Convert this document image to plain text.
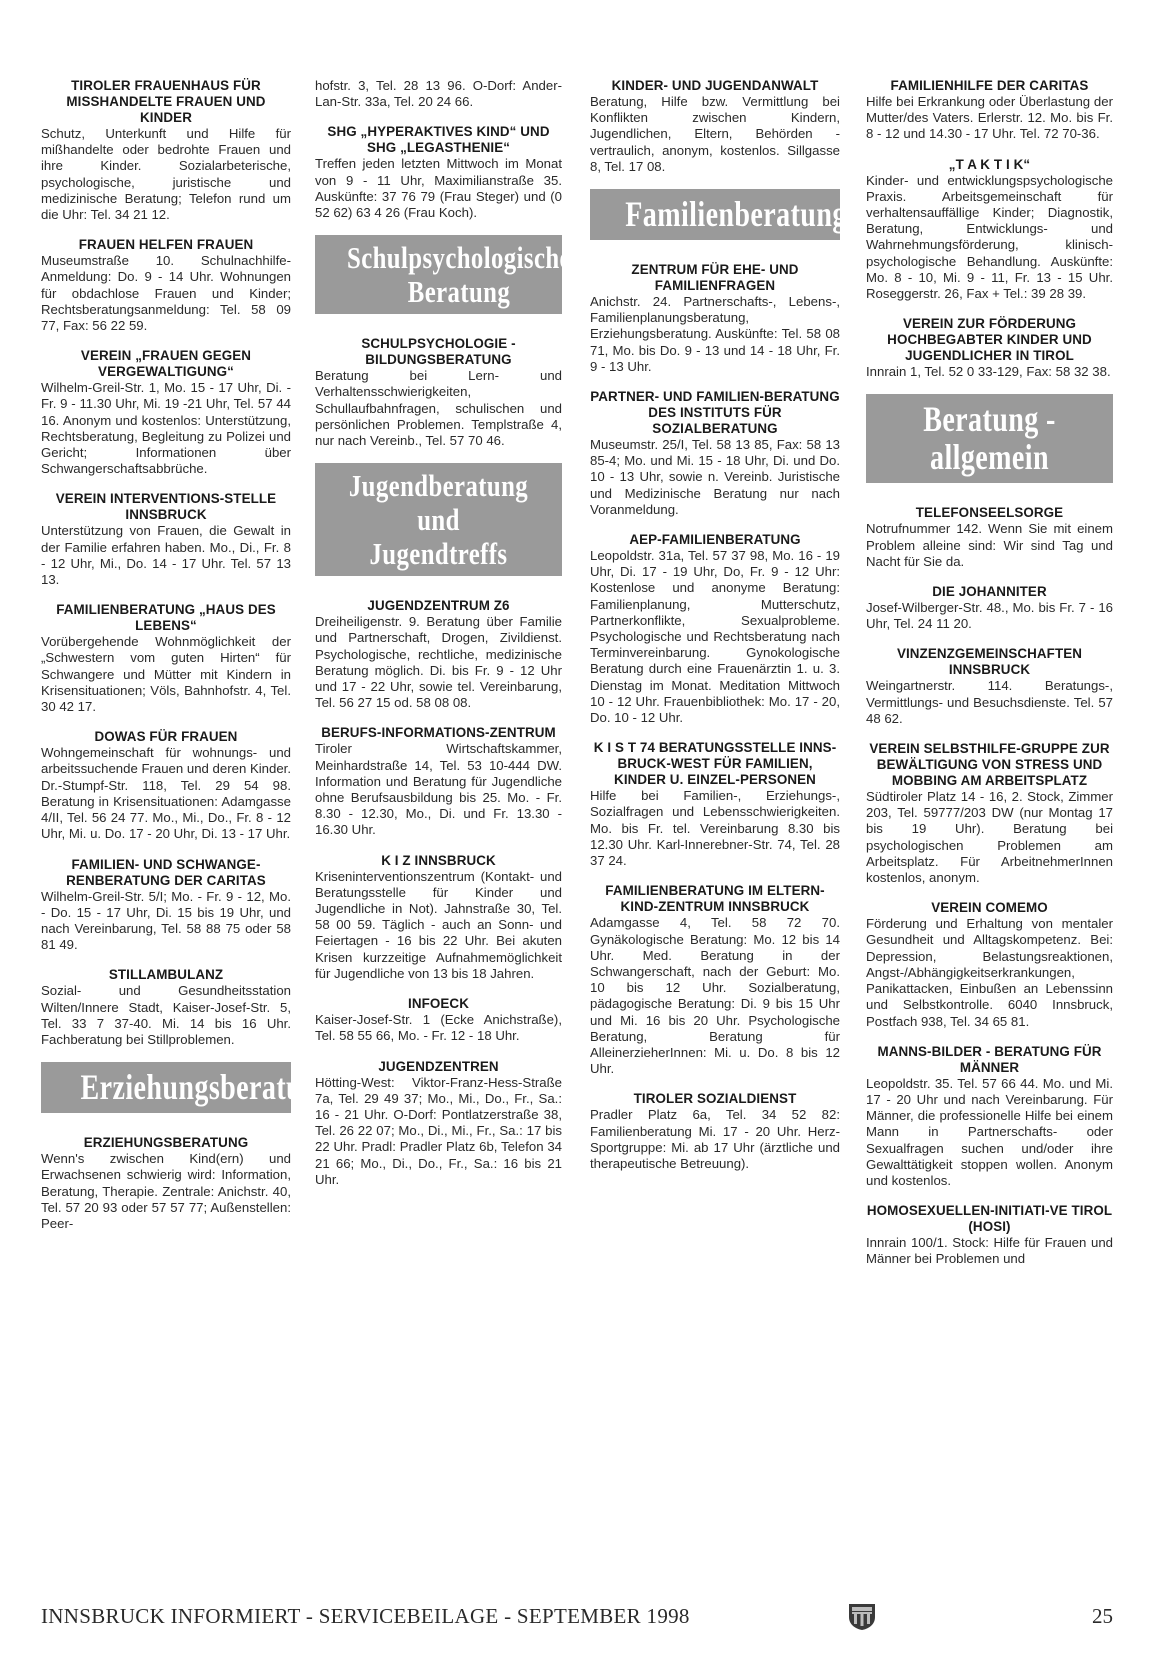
TIROLER FRAUENHAUS FÜR MISSHANDELTE FRAUEN UND KINDER
Schutz, Unterkunft und Hilfe für mißhandelte oder bedrohte Frauen und ihre Kinder. Sozialarbeterische, psychologische, juristische und medizinische Beratung; Telefon rund um die Uhr: Tel. 34 21 12.
FRAUEN HELFEN FRAUEN
Museumstraße 10. Schulnachhilfe-Anmeldung: Do. 9 - 14 Uhr. Wohnungen für obdachlose Frauen und Kinder; Rechtsberatungsanmeldung: Tel. 58 09 77, Fax: 56 22 59.
VEREIN „FRAUEN GEGEN VERGEWALTIGUNG“
Wilhelm-Greil-Str. 1, Mo. 15 - 17 Uhr, Di. - Fr. 9 - 11.30 Uhr, Mi. 19 -21 Uhr, Tel. 57 44 16. Anonym und kostenlos: Unterstützung, Rechtsberatung, Begleitung zu Polizei und Gericht; Informationen über Schwangerschaftsabbrüche.
VEREIN INTERVENTIONS-STELLE INNSBRUCK
Unterstützung von Frauen, die Gewalt in der Familie erfahren haben. Mo., Di., Fr. 8 - 12 Uhr, Mi., Do. 14 - 17 Uhr. Tel. 57 13 13.
FAMILIENBERATUNG „HAUS DES LEBENS“
Vorübergehende Wohnmöglichkeit der „Schwestern vom guten Hirten“ für Schwangere und Mütter mit Kindern in Krisensituationen; Völs, Bahnhofstr. 4, Tel. 30 42 17.
DOWAS FÜR FRAUEN
Wohngemeinschaft für wohnungs- und arbeitssuchende Frauen und deren Kinder. Dr.-Stumpf-Str. 118, Tel. 29 54 98. Beratung in Krisensituationen: Adamgasse 4/II, Tel. 56 24 77. Mo., Mi., Do., Fr. 8 - 12 Uhr, Mi. u. Do. 17 - 20 Uhr, Di. 13 - 17 Uhr.
FAMILIEN- UND SCHWANGE-RENBERATUNG DER CARITAS
Wilhelm-Greil-Str. 5/I; Mo. - Fr. 9 - 12, Mo. - Do. 15 - 17 Uhr, Di. 15 bis 19 Uhr, und nach Vereinbarung, Tel. 58 88 75 oder 58 81 49.
STILLAMBULANZ
Sozial- und Gesundheitsstation Wilten/Innere Stadt, Kaiser-Josef-Str. 5, Tel. 33 7 37-40. Mi. 14 bis 16 Uhr. Fachberatung bei Stillproblemen.
Erziehungsberatung
ERZIEHUNGSBERATUNG
Wenn's zwischen Kind(ern) und Erwachsenen schwierig wird: Information, Beratung, Therapie. Zentrale: Anichstr. 40, Tel. 57 20 93 oder 57 57 77; Außenstellen: Peer-
hofstr. 3, Tel. 28 13 96. O-Dorf: Ander-Lan-Str. 33a, Tel. 20 24 66.
SHG „HYPERAKTIVES KIND“ UND SHG „LEGASTHENIE“
Treffen jeden letzten Mittwoch im Monat von 9 - 11 Uhr, Maximilianstraße 35. Auskünfte: 37 76 79 (Frau Steger) und (0 52 62) 63 4 26 (Frau Koch).
Schulpsychologische
Beratung
SCHULPSYCHOLOGIE - BILDUNGSBERATUNG
Beratung bei Lern- und Verhaltensschwierigkeiten, Schullaufbahnfragen, schulischen und persönlichen Problemen. Templstraße 4, nur nach Vereinb., Tel. 57 70 46.
Jugendberatung und
Jugendtreffs
JUGENDZENTRUM Z6
Dreiheiligenstr. 9. Beratung über Familie und Partnerschaft, Drogen, Zivildienst. Psychologische, rechtliche, medizinische Beratung möglich. Di. bis Fr. 9 - 12 Uhr und 17 - 22 Uhr, sowie tel. Vereinbarung, Tel. 56 27 15 od. 58 08 08.
BERUFS-INFORMATIONS-ZENTRUM
Tiroler Wirtschaftskammer, Meinhardstraße 14, Tel. 53 10-444 DW. Information und Beratung für Jugendliche ohne Berufsausbildung bis 25. Mo. - Fr. 8.30 - 12.30, Mo., Di. und Fr. 13.30 - 16.30 Uhr.
K I Z INNSBRUCK
Kriseninterventionszentrum (Kontakt- und Beratungsstelle für Kinder und Jugendliche in Not). Jahnstraße 30, Tel. 58 00 59. Täglich - auch an Sonn- und Feiertagen - 16 bis 22 Uhr. Bei akuten Krisen kurzzeitige Aufnahmemöglichkeit für Jugendliche von 13 bis 18 Jahren.
INFOECK
Kaiser-Josef-Str. 1 (Ecke Anichstraße), Tel. 58 55 66, Mo. - Fr. 12 - 18 Uhr.
JUGENDZENTREN
Hötting-West: Viktor-Franz-Hess-Straße 7a, Tel. 29 49 37; Mo., Mi., Do., Fr., Sa.: 16 - 21 Uhr. O-Dorf: Pontlatzerstraße 38, Tel. 26 22 07; Mo., Di., Mi., Fr., Sa.: 17 bis 22 Uhr. Pradl: Pradler Platz 6b, Telefon 34 21 66; Mo., Di., Do., Fr., Sa.: 16 bis 21 Uhr.
KINDER- UND JUGENDANWALT
Beratung, Hilfe bzw. Vermittlung bei Konflikten zwischen Kindern, Jugendlichen, Eltern, Behörden - vertraulich, anonym, kostenlos. Sillgasse 8, Tel. 17 08.
Familienberatung
ZENTRUM FÜR EHE- UND FAMILIENFRAGEN
Anichstr. 24. Partnerschafts-, Lebens-, Familienplanungsberatung, Erziehungsberatung. Auskünfte: Tel. 58 08 71, Mo. bis Do. 9 - 13 und 14 - 18 Uhr, Fr. 9 - 13 Uhr.
PARTNER- UND FAMILIEN-BERATUNG DES INSTITUTS FÜR SOZIALBERATUNG
Museumstr. 25/I, Tel. 58 13 85, Fax: 58 13 85-4; Mo. und Mi. 15 - 18 Uhr, Di. und Do. 10 - 13 Uhr, sowie n. Vereinb. Juristische und Medizinische Beratung nur nach Voranmeldung.
AEP-FAMILIENBERATUNG
Leopoldstr. 31a, Tel. 57 37 98, Mo. 16 - 19 Uhr, Di. 17 - 19 Uhr, Do, Fr. 9 - 12 Uhr: Kostenlose und anonyme Beratung: Familienplanung, Mutterschutz, Partnerkonflikte, Sexualprobleme. Psychologische und Rechtsberatung nach Terminvereinbarung. Gynokologische Beratung durch eine Frauenärztin 1. u. 3. Dienstag im Monat. Meditation Mittwoch 10 - 12 Uhr. Frauenbibliothek: Mo. 17 - 20, Do. 10 - 12 Uhr.
K I S T 74 BERATUNGSSTELLE INNS-BRUCK-WEST FÜR FAMILIEN, KINDER U. EINZEL-PERSONEN
Hilfe bei Familien-, Erziehungs-, Sozialfragen und Lebensschwierigkeiten. Mo. bis Fr. tel. Vereinbarung 8.30 bis 12.30 Uhr. Karl-Innerebner-Str. 74, Tel. 28 37 24.
FAMILIENBERATUNG IM ELTERN-KIND-ZENTRUM INNSBRUCK
Adamgasse 4, Tel. 58 72 70. Gynäkologische Beratung: Mo. 12 bis 14 Uhr. Med. Beratung in der Schwangerschaft, nach der Geburt: Mo. 10 bis 12 Uhr. Sozialberatung, pädagogische Beratung: Di. 9 bis 15 Uhr und Mi. 16 bis 20 Uhr. Psychologische Beratung, Beratung für AlleinerzieherInnen: Mi. u. Do. 8 bis 12 Uhr.
TIROLER SOZIALDIENST
Pradler Platz 6a, Tel. 34 52 82: Familienberatung Mi. 17 - 20 Uhr. Herz-Sportgruppe: Mi. ab 17 Uhr (ärztliche und therapeutische Betreuung).
FAMILIENHILFE DER CARITAS
Hilfe bei Erkrankung oder Überlastung der Mutter/des Vaters. Erlerstr. 12. Mo. bis Fr. 8 - 12 und 14.30 - 17 Uhr. Tel. 72 70-36.
„T A K T I K“
Kinder- und entwicklungspsychologische Praxis. Arbeitsgemeinschaft für verhaltensauffällige Kinder; Diagnostik, Beratung, Entwicklungs- und Wahrnehmungsförderung, klinisch-psychologische Behandlung. Auskünfte: Mo. 8 - 10, Mi. 9 - 11, Fr. 13 - 15 Uhr. Roseggerstr. 26, Fax + Tel.: 39 28 39.
VEREIN ZUR FÖRDERUNG HOCHBEGABTER KINDER UND JUGENDLICHER IN TIROL
Innrain 1, Tel. 52 0 33-129, Fax: 58 32 38.
Beratung - allgemein
TELEFONSEELSORGE
Notrufnummer 142. Wenn Sie mit einem Problem alleine sind: Wir sind Tag und Nacht für Sie da.
DIE JOHANNITER
Josef-Wilberger-Str. 48., Mo. bis Fr. 7 - 16 Uhr, Tel. 24 11 20.
VINZENZGEMEINSCHAFTEN INNSBRUCK
Weingartnerstr. 114. Beratungs-, Vermittlungs- und Besuchsdienste. Tel. 57 48 62.
VEREIN SELBSTHILFE-GRUPPE ZUR BEWÄLTIGUNG VON STRESS UND MOBBING AM ARBEITSPLATZ
Südtiroler Platz 14 - 16, 2. Stock, Zimmer 203, Tel. 59777/203 DW (nur Montag 17 bis 19 Uhr). Beratung bei psychologischen Problemen am Arbeitsplatz. Für ArbeitnehmerInnen kostenlos, anonym.
VEREIN COMEMO
Förderung und Erhaltung von mentaler Gesundheit und Alltagskompetenz. Bei: Depression, Belastungsreaktionen, Angst-/Abhängigkeitserkrankungen, Panikattacken, Einbußen an Lebenssinn und Selbstkontrolle. 6040 Innsbruck, Postfach 938, Tel. 34 65 81.
MANNS-BILDER - BERATUNG FÜR MÄNNER
Leopoldstr. 35. Tel. 57 66 44. Mo. und Mi. 17 - 20 Uhr und nach Vereinbarung. Für Männer, die professionelle Hilfe bei einem Mann in Partnerschafts- oder Sexualfragen suchen und/oder ihre Gewalttätigkeit stoppen wollen. Anonym und kostenlos.
HOMOSEXUELLEN-INITIATI-VE TIROL (HOSI)
Innrain 100/1. Stock: Hilfe für Frauen und Männer bei Problemen und
INNSBRUCK INFORMIERT - SERVICEBEILAGE - SEPTEMBER 1998	25
